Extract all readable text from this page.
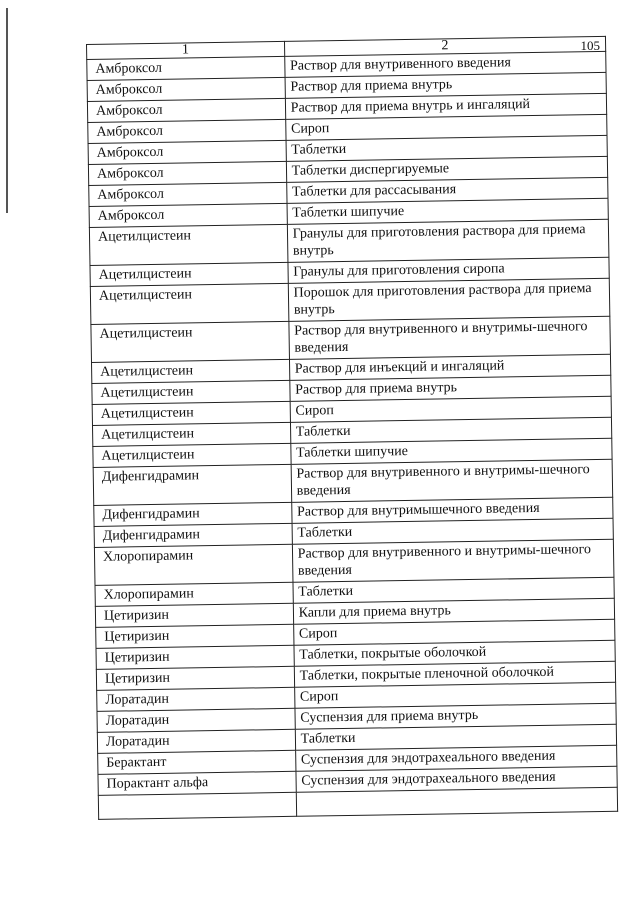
105
1	2
Амброксол	Раствор для внутривенного введения
Амброксол	Раствор для приема внутрь
Амброксол	Раствор для приема внутрь и ингаляций
Амброксол	Сироп
Амброксол	Таблетки
Амброксол	Таблетки диспергируемые
Амброксол	Таблетки для рассасывания
Амброксол	Таблетки шипучие
Ацетилцистеин	Гранулы для приготовления раствора для приема внутрь
Ацетилцистеин	Гранулы для приготовления сиропа
Ацетилцистеин	Порошок для приготовления раствора для приема внутрь
Ацетилцистеин	Раствор для внутривенного и внутримы-шечного введения
Ацетилцистеин	Раствор для инъекций и ингаляций
Ацетилцистеин	Раствор для приема внутрь
Ацетилцистеин	Сироп
Ацетилцистеин	Таблетки
Ацетилцистеин	Таблетки шипучие
Дифенгидрамин	Раствор для внутривенного и внутримы-шечного введения
Дифенгидрамин	Раствор для внутримышечного введения
Дифенгидрамин	Таблетки
Хлоропирамин	Раствор для внутривенного и внутримы-шечного введения
Хлоропирамин	Таблетки
Цетиризин	Капли для приема внутрь
Цетиризин	Сироп
Цетиризин	Таблетки, покрытые оболочкой
Цетиризин	Таблетки, покрытые пленочной оболочкой
Лоратадин	Сироп
Лоратадин	Суспензия для приема внутрь
Лоратадин	Таблетки
Берактант	Суспензия для эндотрахеального введения
Порактант альфа	Суспензия для эндотрахеального введения
